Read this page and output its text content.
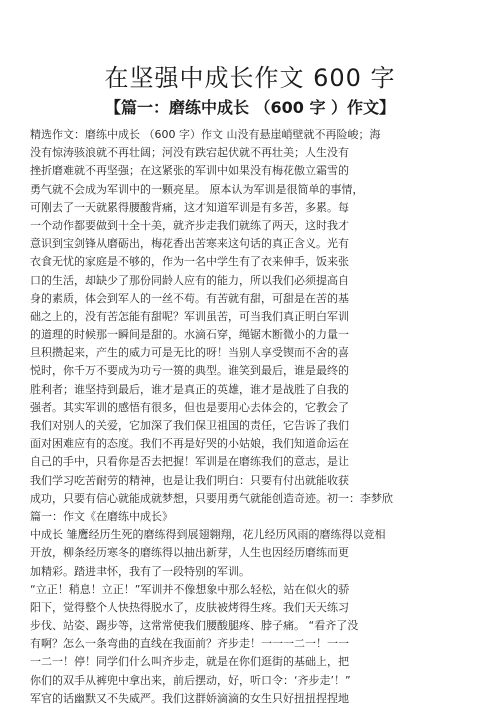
在坚强中成长作文 600 字
【篇一：磨练中成长 （600 字 ）作文】
精选作文：磨练中成长 （600 字）作文 山没有悬崖峭壁就不再险峻；海
没有惊涛骇浪就不再壮阔；河没有跌宕起伏就不再壮美；人生没有
挫折磨难就不再坚强；在这紧张的军训中如果没有梅花傲立霜雪的
勇气就不会成为军训中的一颗亮星。 原本认为军训是很简单的事情，
可刚去了一天就累得腰酸背痛，这才知道军训是有多苦，多累。每
一个动作都要做到十全十美，就齐步走我们就练了两天，这时我才
意识到宝剑锋从磨砺出，梅花香出苦寒来这句话的真正含义。光有
衣食无忧的家庭是不够的，作为一名中学生有了衣来伸手，饭来张
口的生活，却缺少了那份同龄人应有的能力，所以我们必须提高自
身的素质，体会到军人的一丝不苟。有苦就有甜，可甜是在苦的基
础之上的，没有苦怎能有甜呢？军训虽苦，可当我们真正明白军训
的道理的时候那一瞬间是甜的。水滴石穿，绳锯木断微小的力量一
旦积攒起来，产生的威力可是无比的呀！当别人享受锲而不舍的喜
悦时，你千万不要成为功亏一篑的典型。谁笑到最后，谁是最终的
胜利者；谁坚持到最后，谁才是真正的英雄，谁才是战胜了自我的
强者。其实军训的感悟有很多，但也是要用心去体会的，它教会了
我们对别人的关爱，它加深了我们保卫祖国的责任，它告诉了我们
面对困难应有的态度。我们不再是好哭的小姑娘，我们知道命运在
自己的手中，只看你是否去把握！军训是在磨练我们的意志，是让
我们学习吃苦耐劳的精神，也是让我们明白：只要有付出就能收获
成功，只要有信心就能成就梦想，只要用勇气就能创造奇迹。初一：李梦欣
篇一：作文《在磨练中成长》
中成长 雏鹰经历生死的磨练得到展翅翱翔，花儿经历风雨的磨练得以竞相
开放，柳条经历寒冬的磨练得以抽出新芽，人生也因经历磨练而更
加精彩。踏进聿怀，我有了一段特别的军训。
“立正！稍息！立正！”军训并不像想象中那么轻松，站在似火的骄
阳下，觉得整个人快热得脱水了，皮肤被烤得生疼。我们天天练习
步伐、站姿、踢步等，这常常使我们腰酸腿疼、脖子痛。 “看齐了没
有啊？怎么一条弯曲的直线在我面前？齐步走！一一一二一！一一
一二一！停！同学们什么叫齐步走，就是在你们逛街的基础上，把
你们的双手从裤兜中拿出来，前后摆动，好，听口令：‘齐步走’！”
军官的话幽默又不失威严。我们这群娇滴滴的女生只好扭扭捏捏地
